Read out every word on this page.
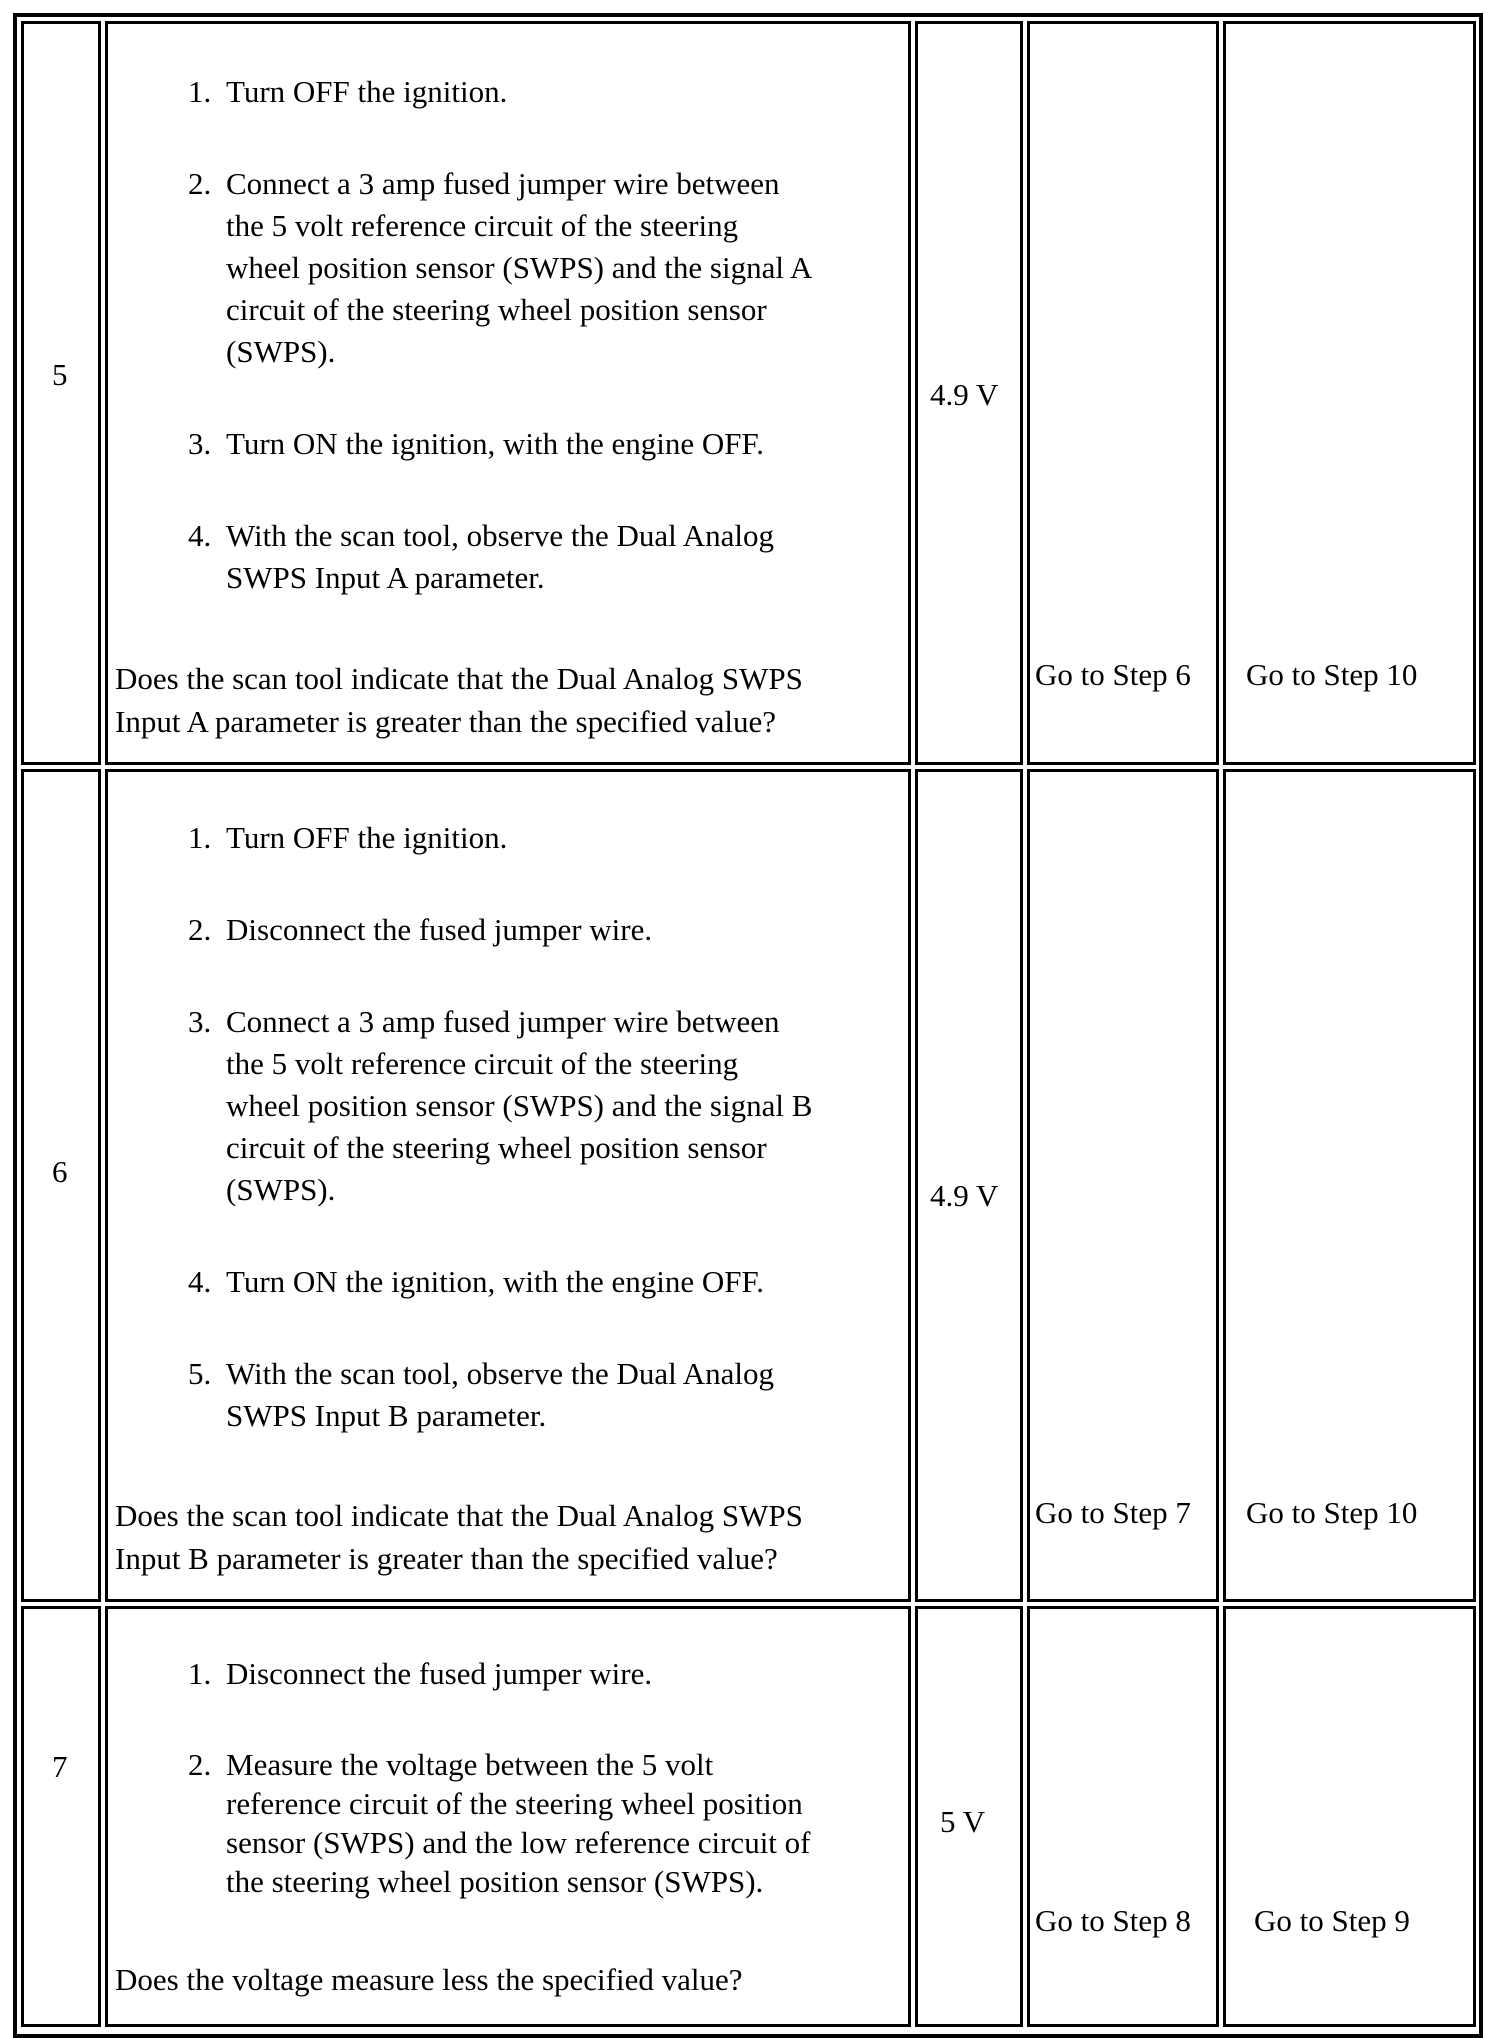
5
1. Turn OFF the ignition.
2. Connect a 3 amp fused jumper wire between
the 5 volt reference circuit of the steering
wheel position sensor (SWPS) and the signal A
circuit of the steering wheel position sensor
(SWPS).
3. Turn ON the ignition, with the engine OFF.
4. With the scan tool, observe the Dual Analog
SWPS Input A parameter.
Does the scan tool indicate that the Dual Analog SWPS
Input A parameter is greater than the specified value?
4.9 V
Go to Step 6 Go to Step 10
6
1. Turn OFF the ignition.
2. Disconnect the fused jumper wire.
3. Connect a 3 amp fused jumper wire between
the 5 volt reference circuit of the steering
wheel position sensor (SWPS) and the signal B
circuit of the steering wheel position sensor
(SWPS).
4. Turn ON the ignition, with the engine OFF.
5. With the scan tool, observe the Dual Analog
SWPS Input B parameter.
Does the scan tool indicate that the Dual Analog SWPS
Input B parameter is greater than the specified value?
4.9 V
Go to Step 7 Go to Step 10
7
1. Disconnect the fused jumper wire.
2. Measure the voltage between the 5 volt
reference circuit of the steering wheel position
sensor (SWPS) and the low reference circuit of
the steering wheel position sensor (SWPS).
Does the voltage measure less the specified value?
5 V
Go to Step 8 Go to Step 9
